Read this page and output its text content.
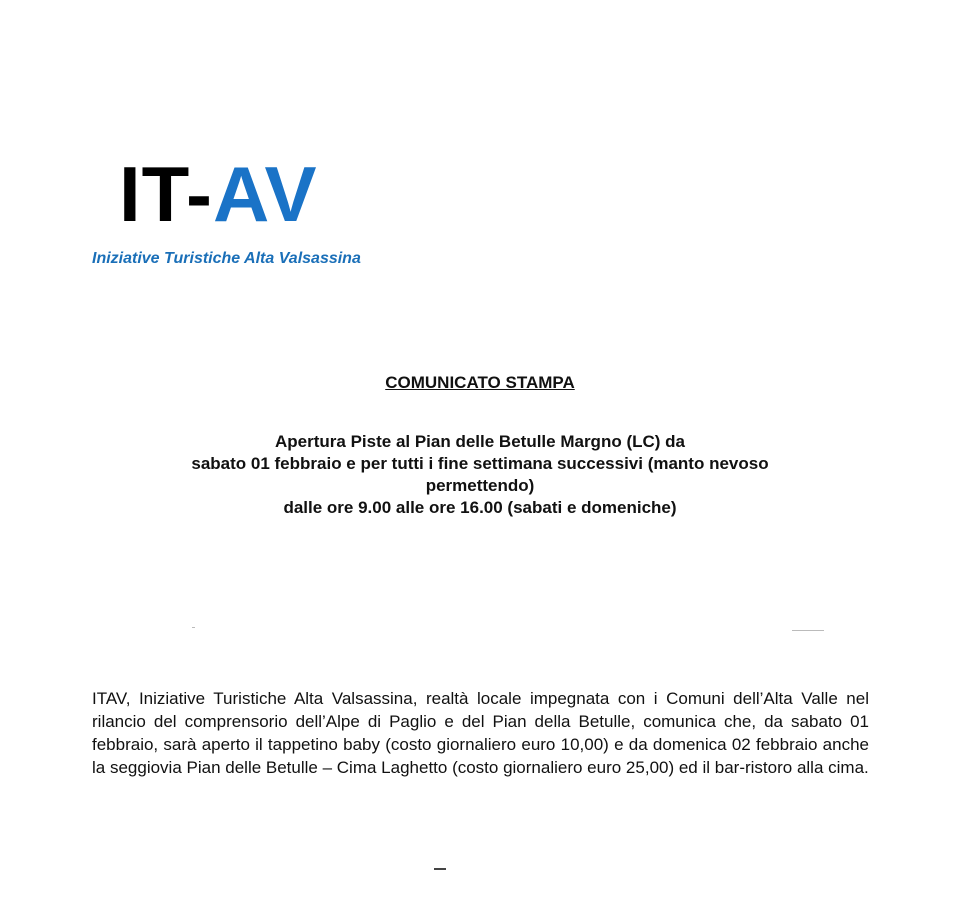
IT-AV
Iniziative Turistiche Alta Valsassina
COMUNICATO STAMPA
Apertura Piste al Pian delle Betulle Margno (LC) da
sabato 01 febbraio e per tutti i fine settimana successivi (manto nevoso
permettendo)
dalle ore 9.00 alle ore 16.00 (sabati e domeniche)
ITAV, Iniziative Turistiche Alta Valsassina, realtà locale impegnata con i Comuni dell’Alta Valle nel rilancio del comprensorio dell’Alpe di Paglio e del Pian della Betulle, comunica che, da sabato 01 febbraio, sarà aperto il tappetino baby (costo giornaliero euro 10,00) e da domenica 02 febbraio anche la seggiovia Pian delle Betulle – Cima Laghetto (costo giornaliero euro 25,00) ed il bar-ristoro alla cima.
